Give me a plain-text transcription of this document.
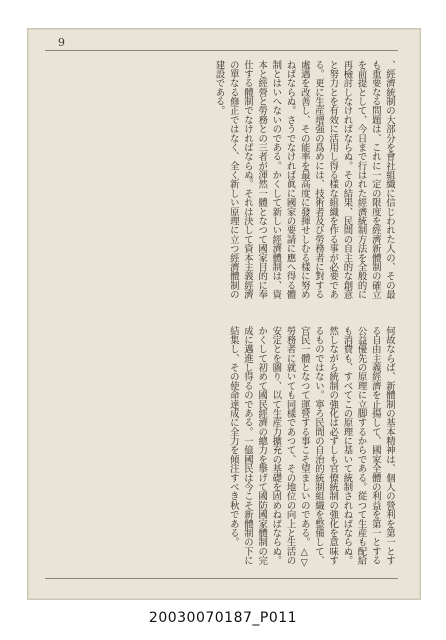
9
、經濟統制の大部分を會社組織に信じわれた人の、その最も重要なる問題は、これに一定の限度を經濟新體制の確立を前提として、今日まで行はれた經濟統制方法を全般的に再檢討しなければならぬ。その結果、民間の自主的な創意と努力とを有效に活用し得る樣な組織を作る事が必要である。更に生産增强の爲めには、技術者及び勞務者に對する處遇を改善し、その能率を最高度に發揮せしむる樣に努めねばならぬ。さうでなければ眞に國家の要請に應へ得る體制とはいへないのである。かくして新しい經濟體制は、資本と經營と勞務との三者が渾然一體となつて國家目的に奉仕する體制でなければならぬ。それは決して資本主義經濟の單なる修正ではなく、全く新しい原理に立つ經濟體制の建設である。
何故ならば、新體制の基本精神は、個人の營利を第一とする自由主義經濟を止揚して、國家全體の利益を第一とする公益優先の原理に立脚するからである。從つて生産も配給も消費も、すべてこの原理に基いて統制されねばならぬ。然しながら統制の強化は必ずしも官僚統制の強化を意味するものではない。寧ろ民間の自治的統制組織を整備して、官民一體となつて運營する事こそ望ましいのである。△▽ 勞務者に就いても同樣であつて、その地位の向上と生活の安定とを圖り、以て生産力擴充の基礎を固めねばならぬ。かくして初めて國民經濟の總力を擧げて國防國家體制の完成に邁進し得るのである。一億國民は今こそ新體制の下に結集し、その使命達成に全力を傾注すべき秋である。
20030070187_P011
